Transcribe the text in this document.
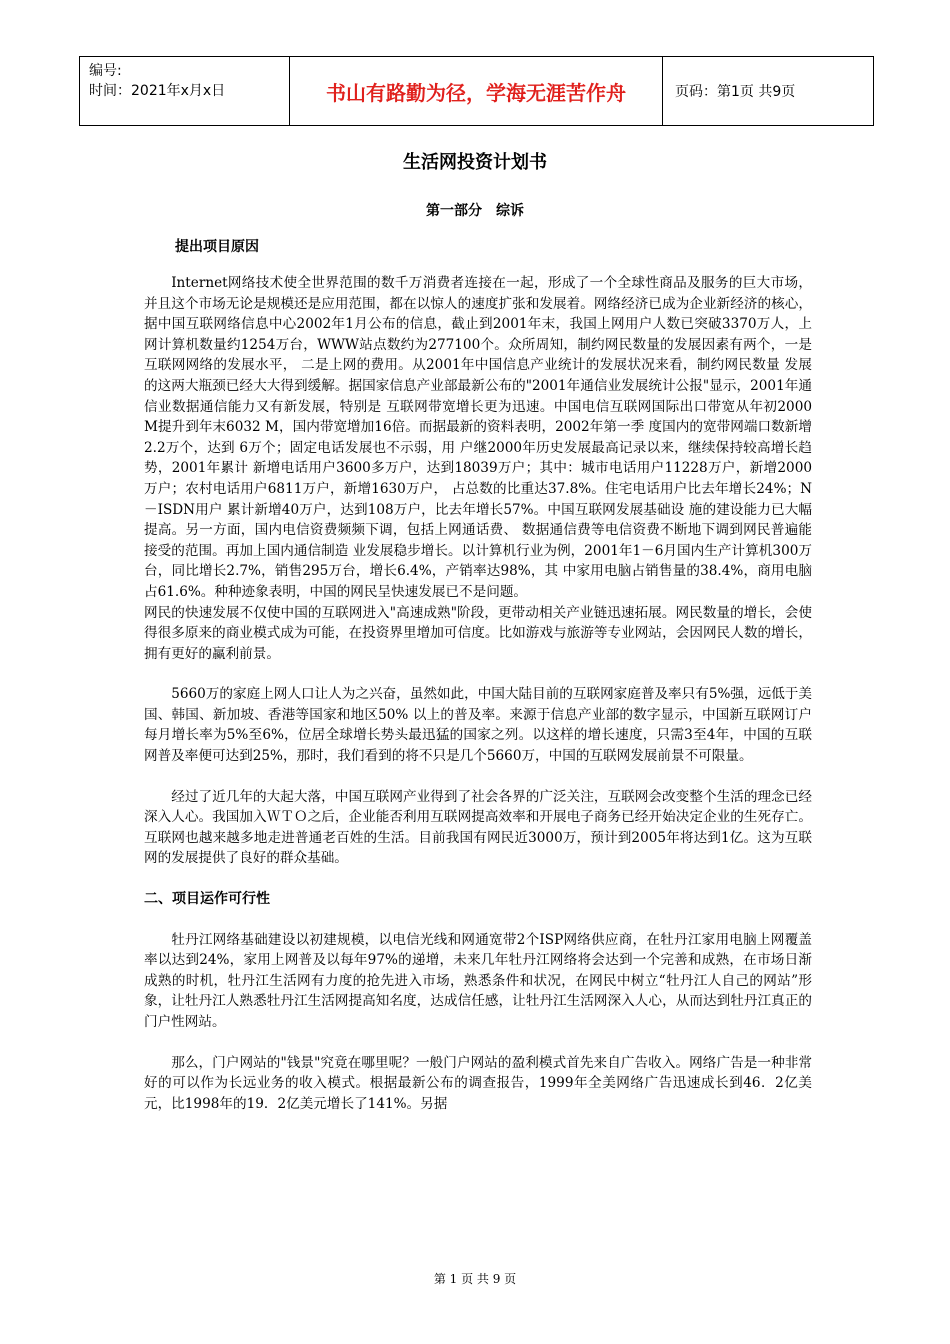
编号:
时间：2021年x月x日	书山有路勤为径，学海无涯苦作舟	页码：第1页 共9页
生活网投资计划书
第一部分　综诉
提出项目原因

Internet网络技术使全世界范围的数千万消费者连接在一起，形成了一个全球性商品及服务的巨大市场，并且这个市场无论是规模还是应用范围，都在以惊人的速度扩张和发展着。网络经济已成为企业新经济的核心，据中国互联网络信息中心2002年1月公布的信息，截止到2001年末，我国上网用户人数已突破3370万人，上网计算机数量约1254万台，WWW站点数约为277100个。众所周知，制约网民数量的发展因素有两个，一是互联网网络的发展水平， 二是上网的费用。从2001年中国信息产业统计的发展状况来看，制约网民数量 发展的这两大瓶颈已经大大得到缓解。据国家信息产业部最新公布的"2001年通信业发展统计公报"显示，2001年通信业数据通信能力又有新发展，特别是 互联网带宽增长更为迅速。中国电信互联网国际出口带宽从年初2000 M提升到年末6032 M，国内带宽增加16倍。而据最新的资料表明，2002年第一季 度国内的宽带网端口数新增2.2万个，达到 6万个；固定电话发展也不示弱，用 户继2000年历史发展最高记录以来，继续保持较高增长趋势，2001年累计 新增电话用户3600多万户，达到18039万户；其中：城市电话用户11228万户，新增2000万户；农村电话用户6811万户，新增1630万户， 占总数的比重达37.8%。住宅电话用户比去年增长24%；N－ISDN用户 累计新增40万户，达到108万户，比去年增长57%。中国互联网发展基础设 施的建设能力已大幅提高。另一方面，国内电信资费频频下调，包括上网通话费、 数据通信费等电信资费不断地下调到网民普遍能接受的范围。再加上国内通信制造 业发展稳步增长。以计算机行业为例，2001年1－6月国内生产计算机300万台，同比增长2.7%，销售295万台，增长6.4%，产销率达98%，其 中家用电脑占销售量的38.4%，商用电脑占61.6%。种种迹象表明，中国的网民呈快速发展已不是问题。

网民的快速发展不仅使中国的互联网进入"高速成熟"阶段，更带动相关产业链迅速拓展。网民数量的增长，会使得很多原来的商业模式成为可能，在投资界里增加可信度。比如游戏与旅游等专业网站，会因网民人数的增长，拥有更好的赢利前景。

5660万的家庭上网人口让人为之兴奋，虽然如此，中国大陆目前的互联网家庭普及率只有5%强，远低于美国、韩国、新加坡、香港等国家和地区50% 以上的普及率。来源于信息产业部的数字显示，中国新互联网订户每月增长率为5%至6%，位居全球增长势头最迅猛的国家之列。以这样的增长速度，只需3至4年，中国的互联网普及率便可达到25%，那时，我们看到的将不只是几个5660万，中国的互联网发展前景不可限量。

经过了近几年的大起大落，中国互联网产业得到了社会各界的广泛关注，互联网会改变整个生活的理念已经深入人心。我国加入ＷＴＯ之后，企业能否利用互联网提高效率和开展电子商务已经开始决定企业的生死存亡。互联网也越来越多地走进普通老百姓的生活。目前我国有网民近3000万，预计到2005年将达到1亿。这为互联网的发展提供了良好的群众基础。

二、项目运作可行性

牡丹江网络基础建设以初建规模，以电信光线和网通宽带2个ISP网络供应商，在牡丹江家用电脑上网覆盖率以达到24%，家用上网普及以每年97%的递增，未来几年牡丹江网络将会达到一个完善和成熟，在市场日渐成熟的时机，牡丹江生活网有力度的抢先进入市场，熟悉条件和状况，在网民中树立“牡丹江人自己的网站”形象，让牡丹江人熟悉牡丹江生活网提高知名度，达成信任感，让牡丹江生活网深入人心，从而达到牡丹江真正的门户性网站。

那么，门户网站的"钱景"究竟在哪里呢？一般门户网站的盈利模式首先来自广告收入。网络广告是一种非常好的可以作为长远业务的收入模式。根据最新公布的调查报告，1999年全美网络广告迅速成长到46．2亿美元，比1998年的19．2亿美元增长了141%。另据

第 1 页 共 9 页
